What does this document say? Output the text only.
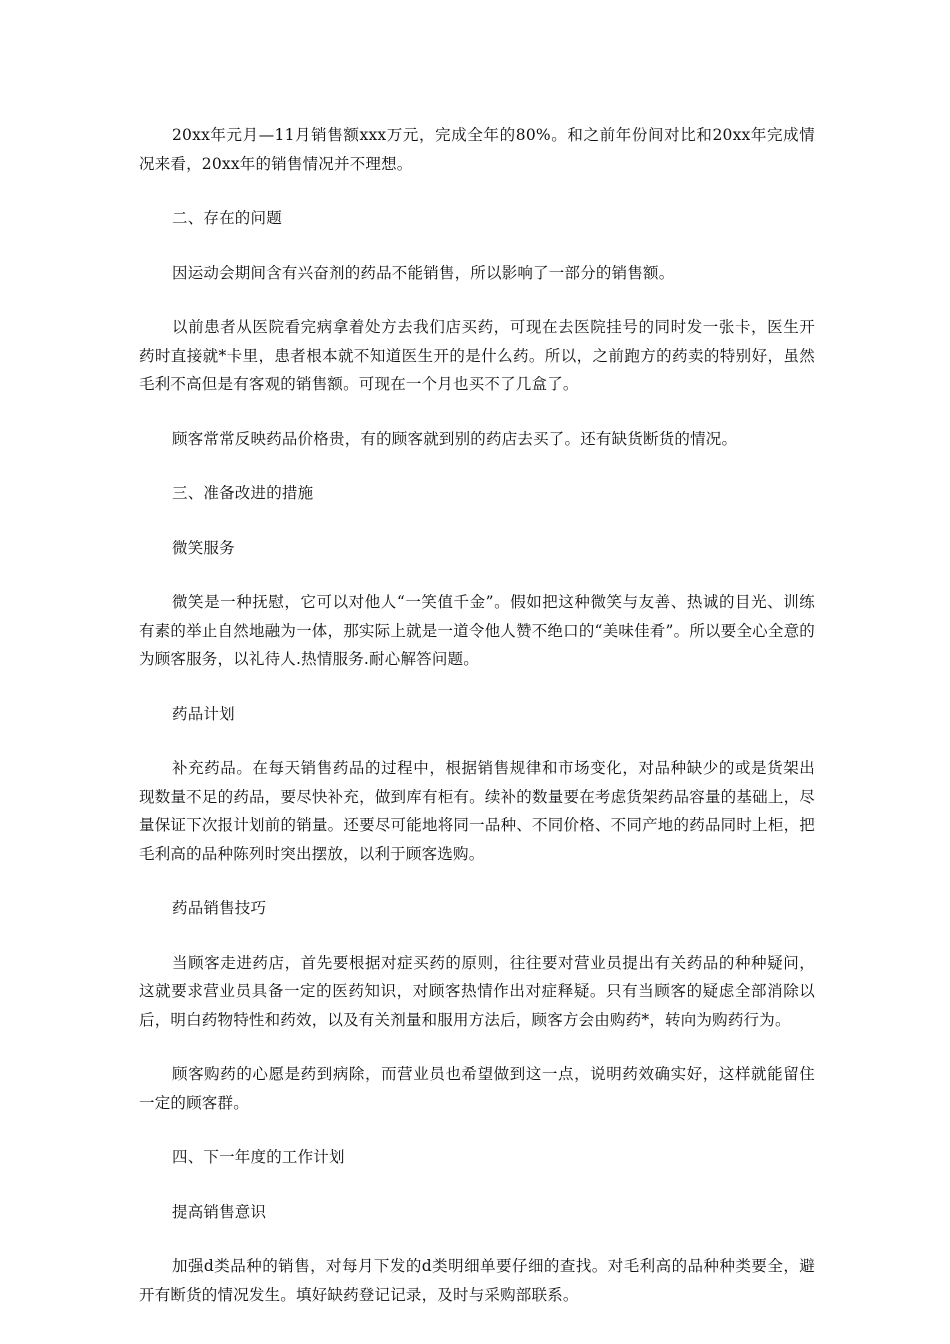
20xx年元月—11月销售额xxx万元，完成全年的80%。和之前年份间对比和20xx年完成情况来看，20xx年的销售情况并不理想。

二、存在的问题

因运动会期间含有兴奋剂的药品不能销售，所以影响了一部分的销售额。

以前患者从医院看完病拿着处方去我们店买药，可现在去医院挂号的同时发一张卡，医生开药时直接就*卡里，患者根本就不知道医生开的是什么药。所以，之前跑方的药卖的特别好，虽然毛利不高但是有客观的销售额。可现在一个月也买不了几盒了。

顾客常常反映药品价格贵，有的顾客就到别的药店去买了。还有缺货断货的情况。

三、准备改进的措施

微笑服务

微笑是一种抚慰，它可以对他人“一笑值千金”。假如把这种微笑与友善、热诚的目光、训练有素的举止自然地融为一体，那实际上就是一道令他人赞不绝口的“美味佳肴”。所以要全心全意的为顾客服务，以礼待人.热情服务.耐心解答问题。

药品计划

补充药品。在每天销售药品的过程中，根据销售规律和市场变化，对品种缺少的或是货架出现数量不足的药品，要尽快补充，做到库有柜有。续补的数量要在考虑货架药品容量的基础上，尽量保证下次报计划前的销量。还要尽可能地将同一品种、不同价格、不同产地的药品同时上柜，把毛利高的品种陈列时突出摆放，以利于顾客选购。

药品销售技巧

当顾客走进药店，首先要根据对症买药的原则，往往要对营业员提出有关药品的种种疑问，这就要求营业员具备一定的医药知识，对顾客热情作出对症释疑。只有当顾客的疑虑全部消除以后，明白药物特性和药效，以及有关剂量和服用方法后，顾客方会由购药*，转向为购药行为。

顾客购药的心愿是药到病除，而营业员也希望做到这一点，说明药效确实好，这样就能留住一定的顾客群。

四、下一年度的工作计划

提高销售意识

加强d类品种的销售，对每月下发的d类明细单要仔细的查找。对毛利高的品种种类要全，避开有断货的情况发生。填好缺药登记记录，及时与采购部联系。
